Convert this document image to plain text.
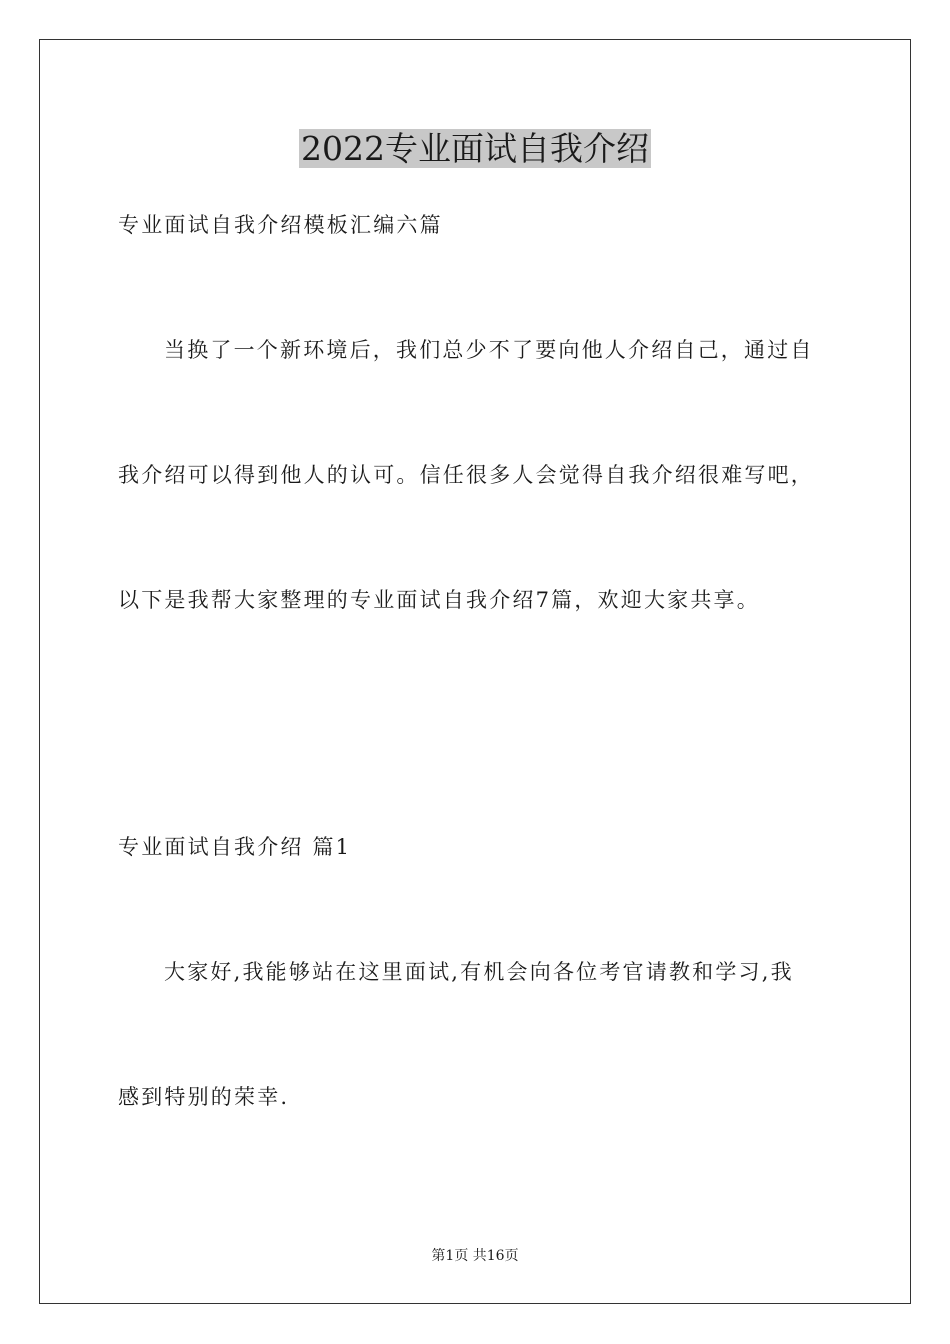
2022专业面试自我介绍
专业面试自我介绍模板汇编六篇
当换了一个新环境后，我们总少不了要向他人介绍自己，通过自
我介绍可以得到他人的认可。信任很多人会觉得自我介绍很难写吧，
以下是我帮大家整理的专业面试自我介绍7篇，欢迎大家共享。
专业面试自我介绍 篇1
大家好,我能够站在这里面试,有机会向各位考官请教和学习,我
感到特别的荣幸.
第1页 共16页
